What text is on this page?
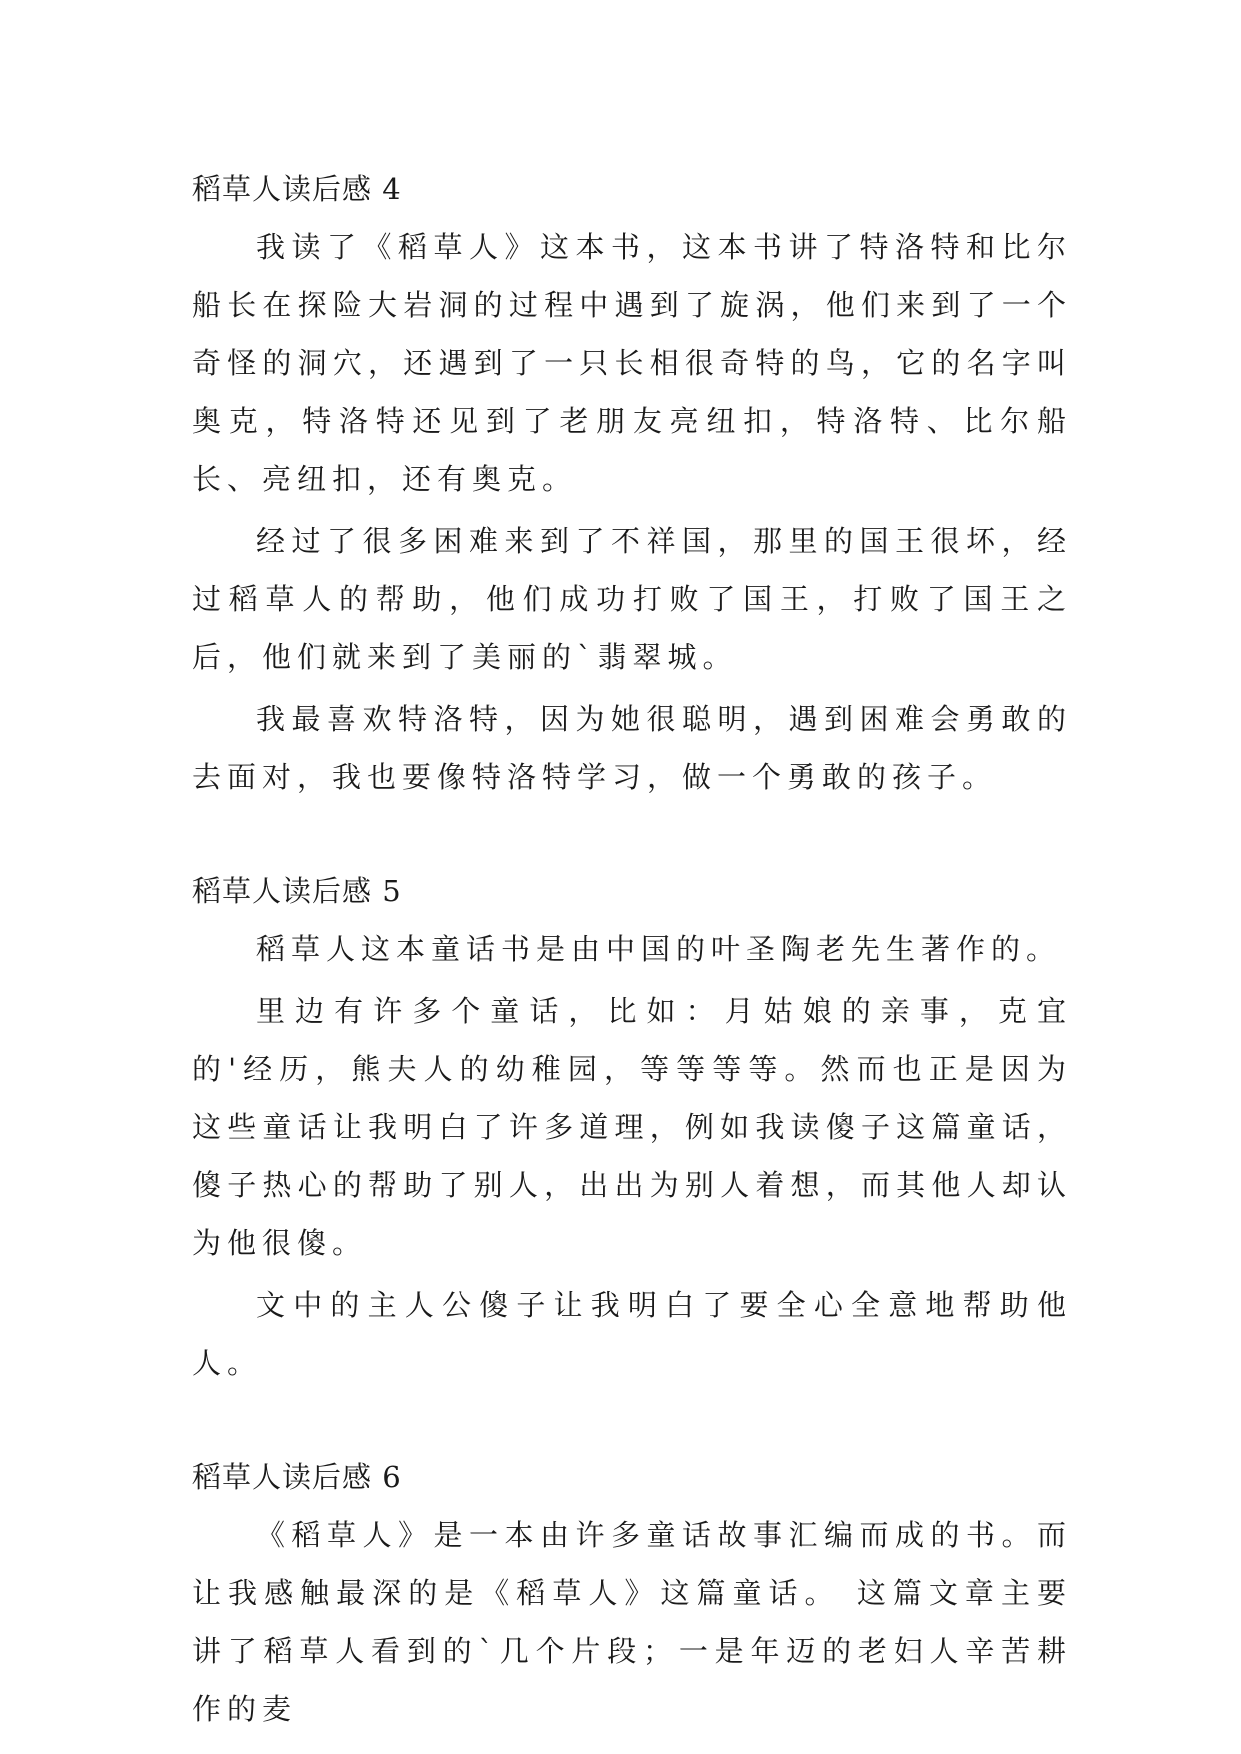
稻草人读后感 4

我读了《稻草人》这本书，这本书讲了特洛特和比尔船长在探险大岩洞的过程中遇到了旋涡，他们来到了一个奇怪的洞穴，还遇到了一只长相很奇特的鸟，它的名字叫奥克，特洛特还见到了老朋友亮纽扣，特洛特、比尔船长、亮纽扣，还有奥克。

经过了很多困难来到了不祥国，那里的国王很坏，经过稻草人的帮助，他们成功打败了国王，打败了国王之后，他们就来到了美丽的`翡翠城。

我最喜欢特洛特，因为她很聪明，遇到困难会勇敢的去面对，我也要像特洛特学习，做一个勇敢的孩子。

稻草人读后感 5

稻草人这本童话书是由中国的叶圣陶老先生著作的。

里边有许多个童话，比如：月姑娘的亲事，克宜的'经历，熊夫人的幼稚园，等等等等。然而也正是因为这些童话让我明白了许多道理，例如我读傻子这篇童话，傻子热心的帮助了别人，出出为别人着想，而其他人却认为他很傻。

文中的主人公傻子让我明白了要全心全意地帮助他人。

稻草人读后感 6

《稻草人》是一本由许多童话故事汇编而成的书。而让我感触最深的是《稻草人》这篇童话。 这篇文章主要讲了稻草人看到的`几个片段；一是年迈的老妇人辛苦耕作的麦
